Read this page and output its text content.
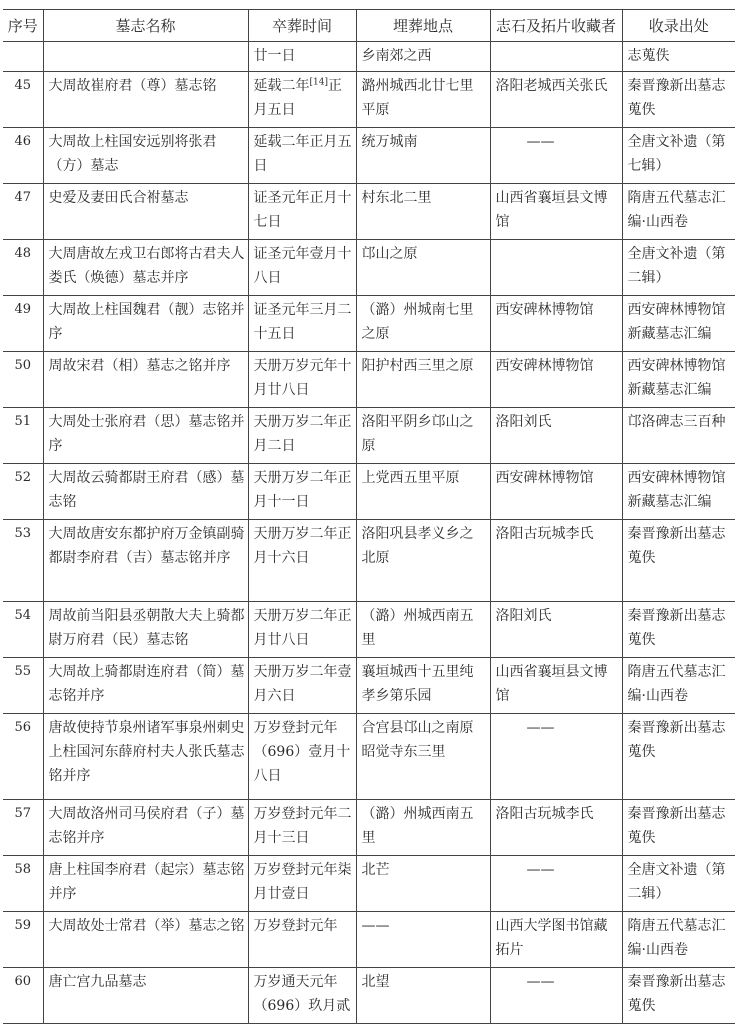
序号	墓志名称	卒葬时间	埋葬地点	志石及拓片收藏者	收录出处
		廿一日	乡南郊之西		志蒐佚
45	大周故崔府君（尊）墓志铭	延载二年[14]正月五日	潞州城西北廿七里平原	洛阳老城西关张氏	秦晋豫新出墓志蒐佚
46	大周故上柱国安远别将张君（方）墓志	延载二年正月五日	统万城南	——	全唐文补遗（第七辑）
47	史爱及妻田氏合祔墓志	证圣元年正月十七日	村东北二里	山西省襄垣县文博馆	隋唐五代墓志汇编·山西卷
48	大周唐故左戎卫右郎将古君夫人娄氏（焕德）墓志并序	证圣元年壹月十八日	邙山之原		全唐文补遗（第二辑）
49	大周故上柱国魏君（靓）志铭并序	证圣元年三月二十五日	（潞）州城南七里之原	西安碑林博物馆	西安碑林博物馆新藏墓志汇编
50	周故宋君（相）墓志之铭并序	天册万岁元年十月廿八日	阳护村西三里之原	西安碑林博物馆	西安碑林博物馆新藏墓志汇编
51	大周处士张府君（思）墓志铭并序	天册万岁二年正月二日	洛阳平阴乡邙山之原	洛阳刘氏	邙洛碑志三百种
52	大周故云骑都尉王府君（感）墓志铭	天册万岁二年正月十一日	上党西五里平原	西安碑林博物馆	西安碑林博物馆新藏墓志汇编
53	大周故唐安东都护府万金镇副骑都尉李府君（吉）墓志铭并序	天册万岁二年正月十六日	洛阳巩县孝义乡之北原	洛阳古玩城李氏	秦晋豫新出墓志蒐佚
54	周故前当阳县丞朝散大夫上骑都尉万府君（民）墓志铭	天册万岁二年正月廿八日	（潞）州城西南五里	洛阳刘氏	秦晋豫新出墓志蒐佚
55	大周故上骑都尉连府君（简）墓志铭并序	天册万岁二年壹月六日	襄垣城西十五里纯孝乡第乐园	山西省襄垣县文博馆	隋唐五代墓志汇编·山西卷
56	唐故使持节泉州诸军事泉州刺史上柱国河东薛府村夫人张氏墓志铭并序	万岁登封元年（696）壹月十八日	合宫县邙山之南原昭觉寺东三里	——	秦晋豫新出墓志蒐佚
57	大周故洛州司马侯府君（子）墓志铭并序	万岁登封元年二月十三日	（潞）州城西南五里	洛阳古玩城李氏	秦晋豫新出墓志蒐佚
58	唐上柱国李府君（起宗）墓志铭并序	万岁登封元年柒月廿壹日	北芒	——	全唐文补遗（第二辑）
59	大周故处士常君（举）墓志之铭	万岁登封元年	——	山西大学图书馆藏拓片	隋唐五代墓志汇编·山西卷
60	唐亡宫九品墓志	万岁通天元年（696）玖月贰	北望	——	秦晋豫新出墓志蒐佚
